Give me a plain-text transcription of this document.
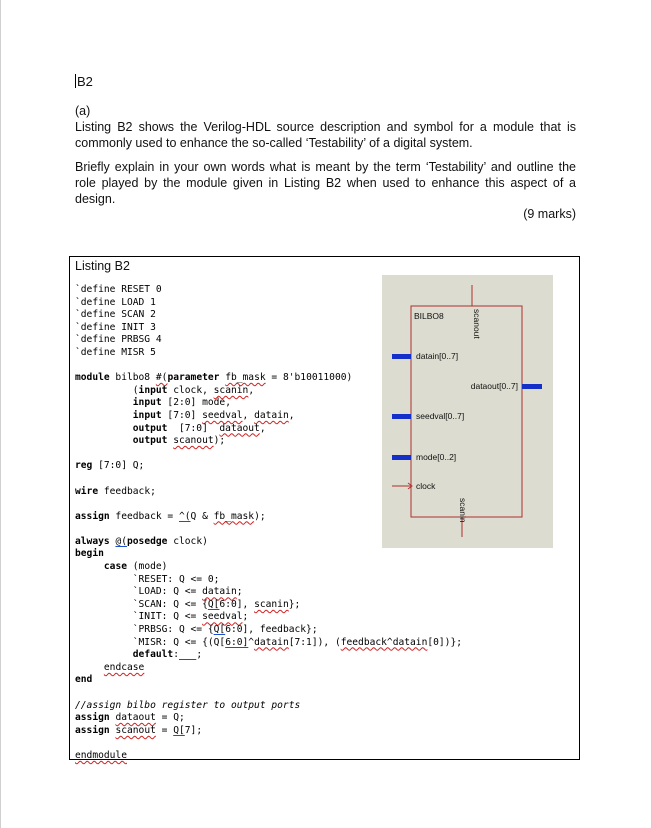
B2
(a)
Listing B2 shows the Verilog-HDL source description and symbol for a module that is commonly used to enhance the so-called ‘Testability’ of a digital system.
Briefly explain in your own words what is meant by the term ‘Testability’ and outline the role played by the module given in Listing B2 when used to enhance this aspect of a design.
(9 marks)
Listing B2
`define RESET 0
`define LOAD 1
`define SCAN 2
`define INIT 3
`define PRBSG 4
`define MISR 5

module bilbo8 #(parameter fb_mask = 8'b10011000)
(input clock, scanin,
input [2:0] mode,
input [7:0] seedval, datain,
output  [7:0]  dataout,
output scanout);

reg [7:0] Q;

wire feedback;

assign feedback = ^(Q & fb_mask);

always @(posedge clock)
begin
case (mode)
`RESET: Q <= 0;
`LOAD: Q <= datain;
`SCAN: Q <= {Q[6:0], scanin};
`INIT: Q <= seedval;
`PRBSG: Q <= {Q[6:0], feedback};
`MISR: Q <= {(Q[6:0]^datain[7:1]), (feedback^datain[0])};
default: ;
endcase
end

//assign bilbo register to output ports
assign dataout = Q;
assign scanout = Q[7];

endmodule
BILBO8	scanout
scanin
datain[0..7]
dataout[0..7]
seedval[0..7]
mode[0..2]
clock
